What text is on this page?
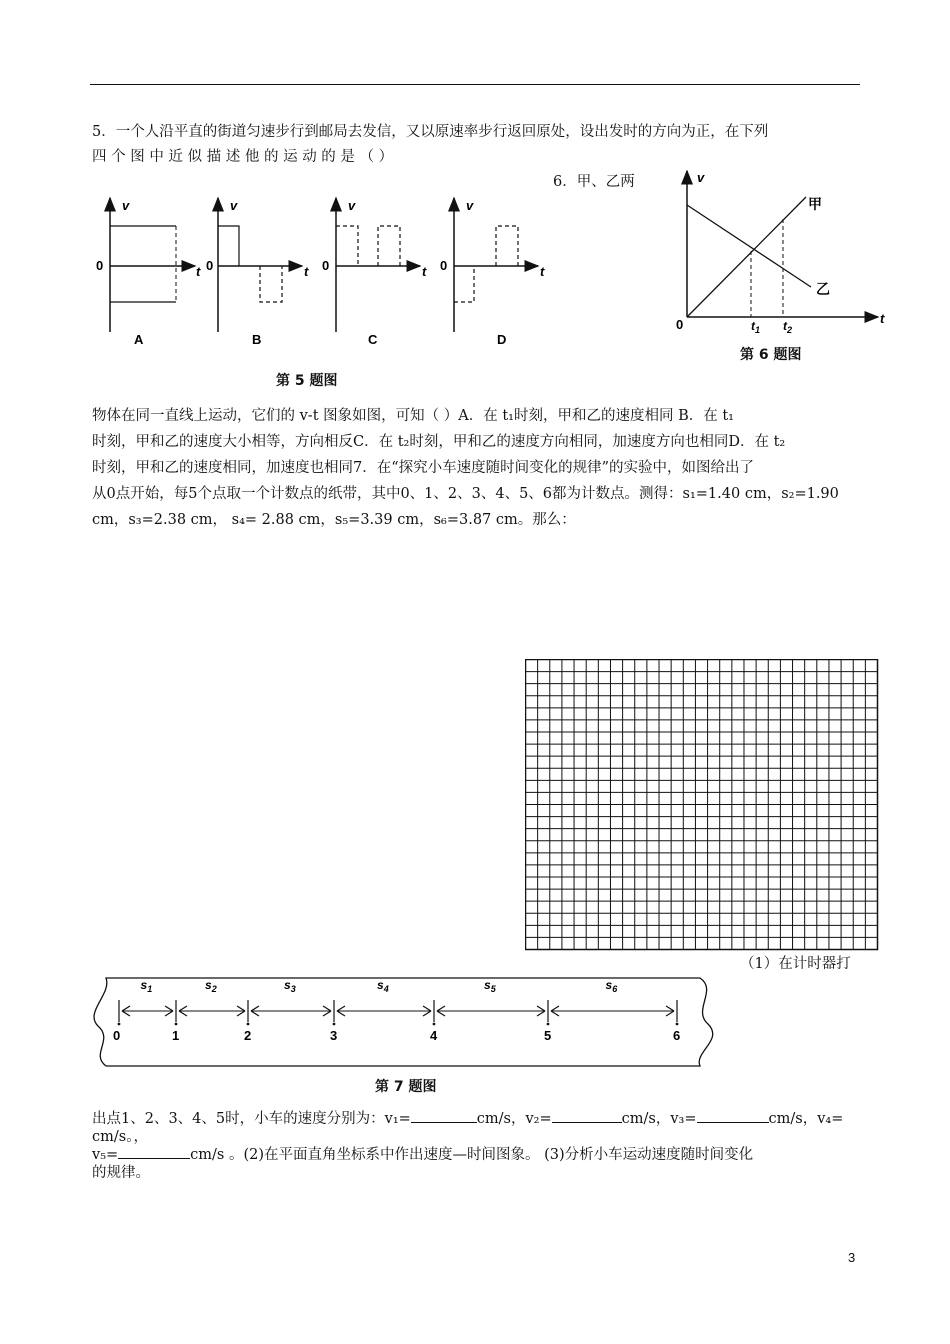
5．一个人沿平直的街道匀速步行到邮局去发信，又以原速率步行返回原处，设出发时的方向为正，在下列
四 个 图 中 近 似 描 述 他 的 运 动 的 是 （ ）
v
t
0
A
v
t
0
B
v
t
0
C
v
t
0
D
第 5 题图
6．甲、乙两	v
t
0
甲
乙
$t_1$ $t_2$
第 6 题图
物体在同一直线上运动，它们的 v-t 图象如图，可知（ ）A．在 t₁时刻，甲和乙的速度相同 B．在 t₁
时刻，甲和乙的速度大小相等，方向相反C．在 t₂时刻，甲和乙的速度方向相同，加速度方向也相同D．在 t₂
时刻，甲和乙的速度相同，加速度也相同7．在“探究小车速度随时间变化的规律”的实验中，如图给出了
从0点开始，每5个点取一个计数点的纸带，其中0、1、2、3、4、5、6都为计数点。测得：s₁=1.40 cm，s₂=1.90
cm，s₃=2.38 cm， s₄= 2.88 cm，s₅=3.39 cm，s₆=3.87 cm。那么：
（1）在计时器打
0	1	2	3	4	5	6
$s_1$	$s_2$	$s_3$	$s_4$	$s_5$	$s_6$
第 7 题图
出点1、2、3、4、5时，小车的速度分别为：v₁=	cm/s，v₂=	cm/s，v₃=	cm/s，v₄=
cm/s。，
v₅=	cm/s 。(2)在平面直角坐标系中作出速度—时间图象。 (3)分析小车运动速度随时间变化
的规律。
3
